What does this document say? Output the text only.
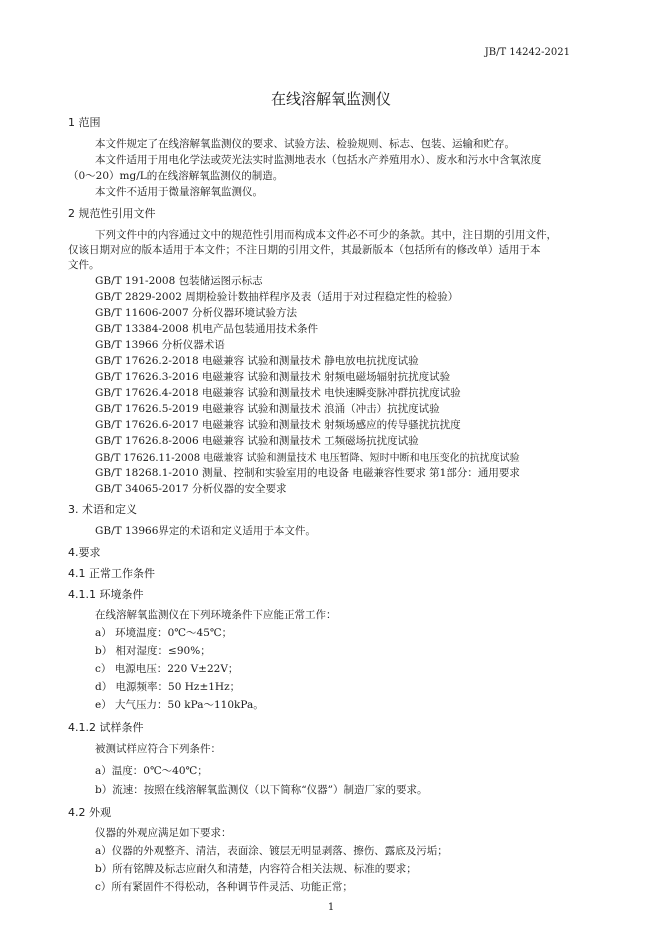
JB/T 14242-2021
在线溶解氧监测仪
1 范围
本文件规定了在线溶解氧监测仪的要求、试验方法、检验规则、标志、包装、运输和贮存。
本文件适用于用电化学法或荧光法实时监测地表水（包括水产养殖用水）、废水和污水中含氧浓度
（0～20）mg/L的在线溶解氧监测仪的制造。
本文件不适用于微量溶解氧监测仪。
2 规范性引用文件
下列文件中的内容通过文中的规范性引用而构成本文件必不可少的条款。其中，注日期的引用文件，
仅该日期对应的版本适用于本文件；不注日期的引用文件，其最新版本（包括所有的修改单）适用于本
文件。
GB/T 191-2008 包装储运图示标志
GB/T 2829-2002 周期检验计数抽样程序及表（适用于对过程稳定性的检验）
GB/T 11606-2007 分析仪器环境试验方法
GB/T 13384-2008 机电产品包装通用技术条件
GB/T 13966 分析仪器术语
GB/T 17626.2-2018 电磁兼容 试验和测量技术 静电放电抗扰度试验
GB/T 17626.3-2016 电磁兼容 试验和测量技术 射频电磁场辐射抗扰度试验
GB/T 17626.4-2018 电磁兼容 试验和测量技术 电快速瞬变脉冲群抗扰度试验
GB/T 17626.5-2019 电磁兼容 试验和测量技术 浪涌（冲击）抗扰度试验
GB/T 17626.6-2017 电磁兼容 试验和测量技术 射频场感应的传导骚扰抗扰度
GB/T 17626.8-2006 电磁兼容 试验和测量技术 工频磁场抗扰度试验
GB/T 17626.11-2008 电磁兼容 试验和测量技术 电压暂降、短时中断和电压变化的抗扰度试验
GB/T 18268.1-2010 测量、控制和实验室用的电设备 电磁兼容性要求 第1部分：通用要求
GB/T 34065-2017 分析仪器的安全要求
3. 术语和定义
GB/T 13966界定的术语和定义适用于本文件。
4.要求
4.1 正常工作条件
4.1.1 环境条件
在线溶解氧监测仪在下列环境条件下应能正常工作：
a） 环境温度：0℃～45℃；
b） 相对湿度：≤90%；
c） 电源电压：220 V±22V；
d） 电源频率：50 Hz±1Hz；
e） 大气压力：50 kPa～110kPa。
4.1.2 试样条件
被测试样应符合下列条件：
a）温度：0℃～40℃；
b）流速：按照在线溶解氧监测仪（以下简称“仪器”）制造厂家的要求。
4.2 外观
仪器的外观应满足如下要求：
a）仪器的外观整齐、清洁，表面涂、镀层无明显剥落、擦伤、露底及污垢；
b）所有铭牌及标志应耐久和清楚，内容符合相关法规、标准的要求；
c）所有紧固件不得松动，各种调节件灵活、功能正常；
1
